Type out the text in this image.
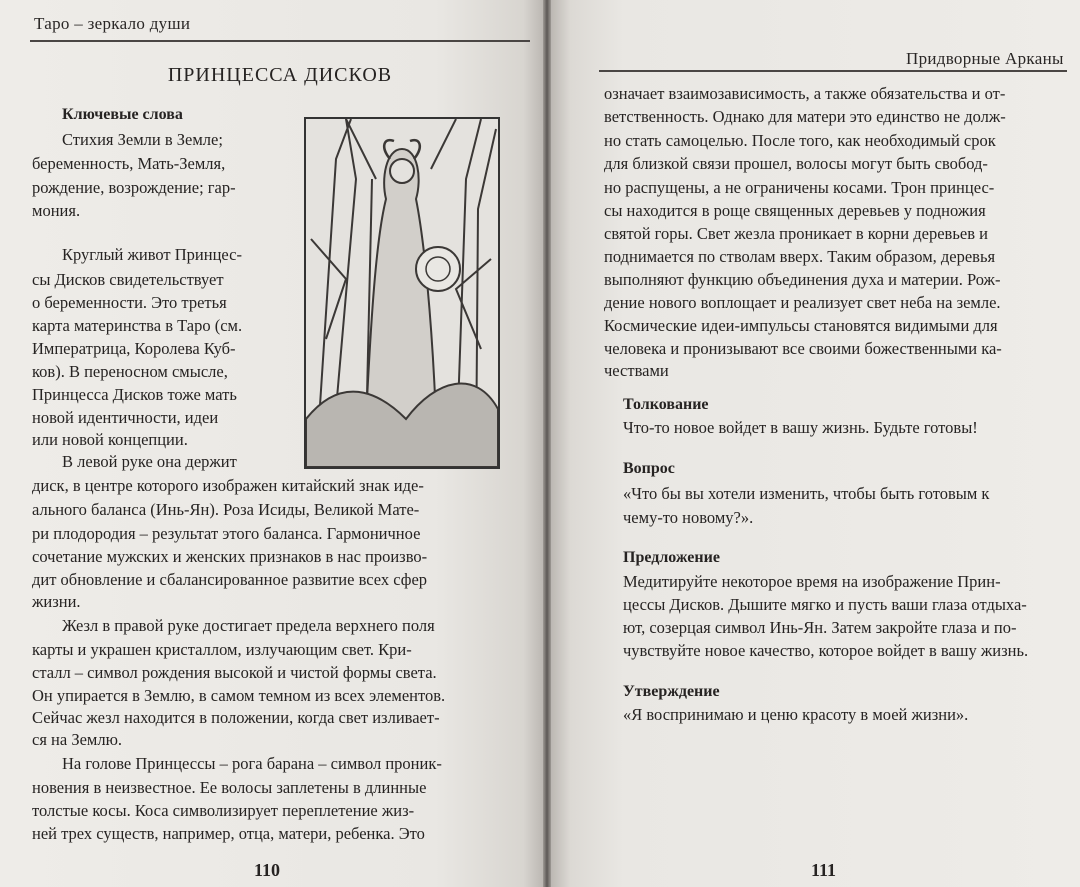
Таро – зеркало души
ПРИНЦЕССА ДИСКОВ
Ключевые слова
Стихия Земли в Земле;
беременность, Мать-Земля,
рождение, возрождение; гар-
мония.
Круглый живот Принцес-
сы Дисков свидетельствует
о беременности. Это третья
карта материнства в Таро (см.
Императрица, Королева Куб-
ков). В переносном смысле,
Принцесса Дисков тоже мать
новой идентичности, идеи
или новой концепции.
В левой руке она держит
диск, в центре которого изображен китайский знак иде-
ального баланса (Инь-Ян). Роза Исиды, Великой Мате-
ри плодородия – результат этого баланса. Гармоничное
сочетание мужских и женских признаков в нас произво-
дит обновление и сбалансированное развитие всех сфер
жизни.
Жезл в правой руке достигает предела верхнего поля
карты и украшен кристаллом, излучающим свет. Кри-
сталл – символ рождения высокой и чистой формы света.
Он упирается в Землю, в самом темном из всех элементов.
Сейчас жезл находится в положении, когда свет изливает-
ся на Землю.
На голове Принцессы – рога барана – символ проник-
новения в неизвестное. Ее волосы заплетены в длинные
толстые косы. Коса символизирует переплетение жиз-
ней трех существ, например, отца, матери, ребенка. Это
110
Придворные Арканы
означает взаимозависимость, а также обязательства и от-
ветственность. Однако для матери это единство не долж-
но стать самоцелью. После того, как необходимый срок
для близкой связи прошел, волосы могут быть свобод-
но распущены, а не ограничены косами. Трон принцес-
сы находится в роще священных деревьев у подножия
святой горы. Свет жезла проникает в корни деревьев и
поднимается по стволам вверх. Таким образом, деревья
выполняют функцию объединения духа и материи. Рож-
дение нового воплощает и реализует свет неба на земле.
Космические идеи-импульсы становятся видимыми для
человека и пронизывают все своими божественными ка-
чествами
Толкование
Что-то новое войдет в вашу жизнь. Будьте готовы!
Вопрос
«Что бы вы хотели изменить, чтобы быть готовым к
чему-то новому?».
Предложение
Медитируйте некоторое время на изображение Прин-
цессы Дисков. Дышите мягко и пусть ваши глаза отдыха-
ют, созерцая символ Инь-Ян. Затем закройте глаза и по-
чувствуйте новое качество, которое войдет в вашу жизнь.
Утверждение
«Я воспринимаю и ценю красоту в моей жизни».
111
